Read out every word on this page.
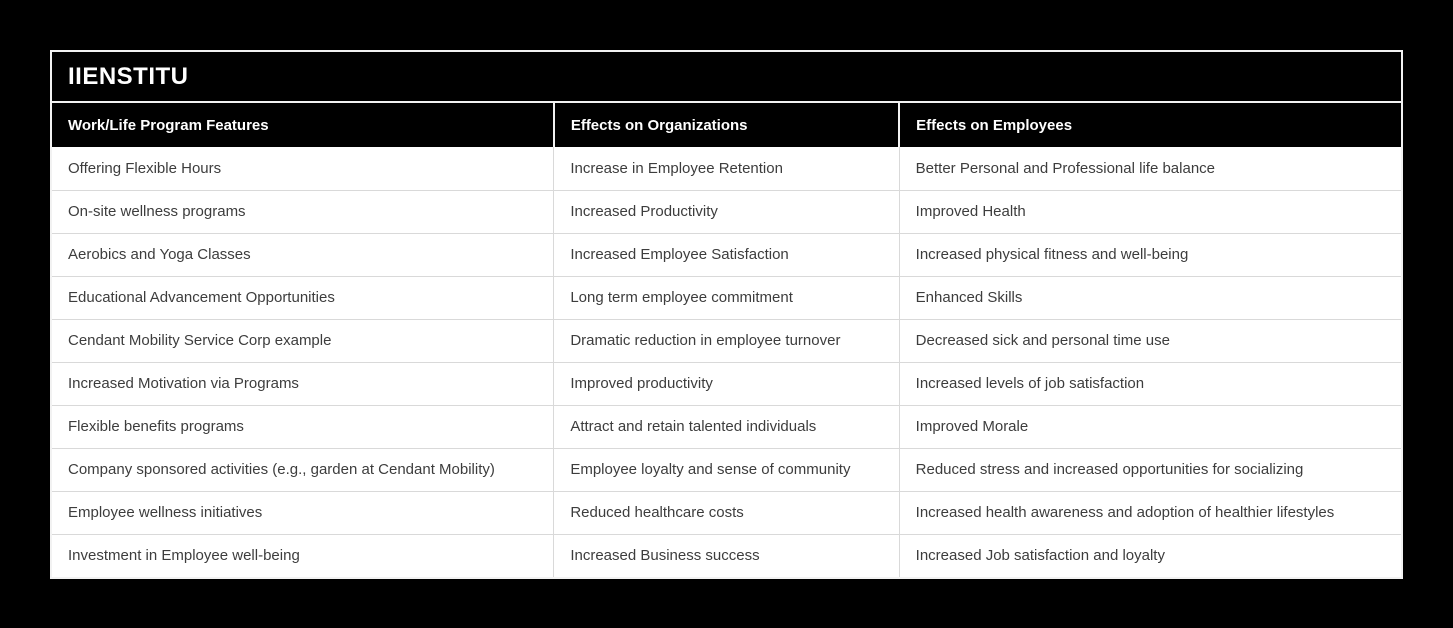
IIENSTITU
Work/Life Program Features	Effects on Organizations	Effects on Employees
Offering Flexible Hours	Increase in Employee Retention	Better Personal and Professional life balance
On-site wellness programs	Increased Productivity	Improved Health
Aerobics and Yoga Classes	Increased Employee Satisfaction	Increased physical fitness and well-being
Educational Advancement Opportunities	Long term employee commitment	Enhanced Skills
Cendant Mobility Service Corp example	Dramatic reduction in employee turnover	Decreased sick and personal time use
Increased Motivation via Programs	Improved productivity	Increased levels of job satisfaction
Flexible benefits programs	Attract and retain talented individuals	Improved Morale
Company sponsored activities (e.g., garden at Cendant Mobility)	Employee loyalty and sense of community	Reduced stress and increased opportunities for socializing
Employee wellness initiatives	Reduced healthcare costs	Increased health awareness and adoption of healthier lifestyles
Investment in Employee well-being	Increased Business success	Increased Job satisfaction and loyalty
